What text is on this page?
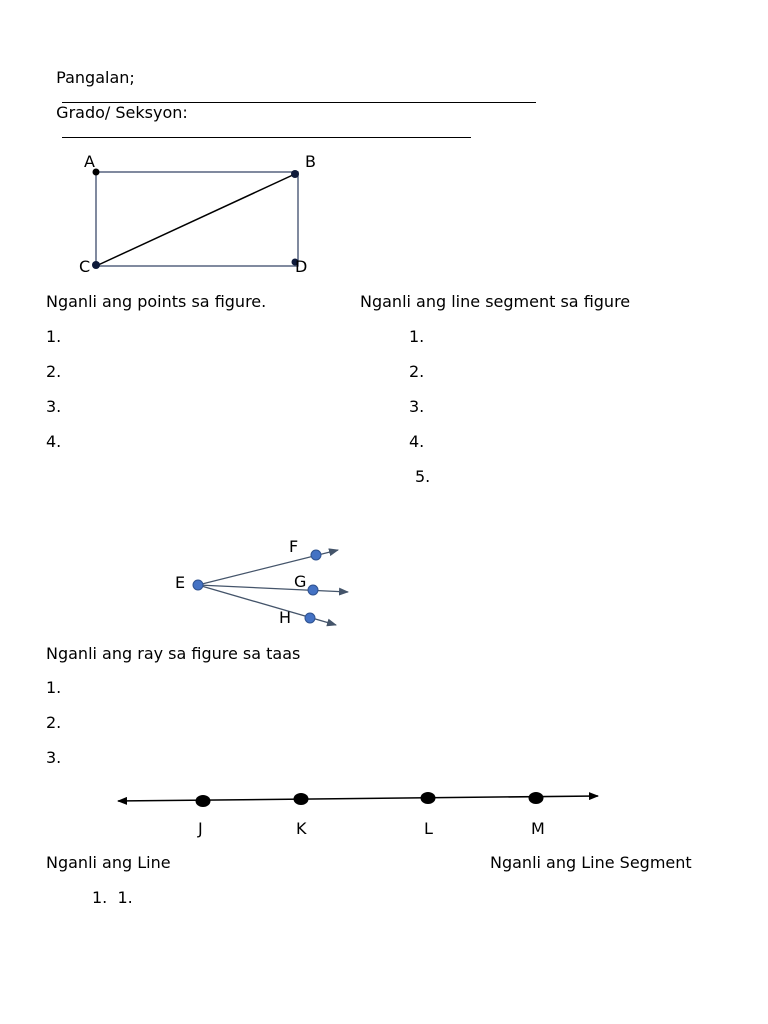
Pangalan;

Grado/ Seksyon:

A	B
C	D
E
F
G
H
J	K	L	M
Nganli ang points sa figure.	Nganli ang line segment sa figure
1.
2.
3.
4.
1.
2.
3.
4.
5.
Nganli ang ray sa figure sa taas
1.
2.
3.
Nganli ang Line	Nganli ang Line Segment
1.  1.
